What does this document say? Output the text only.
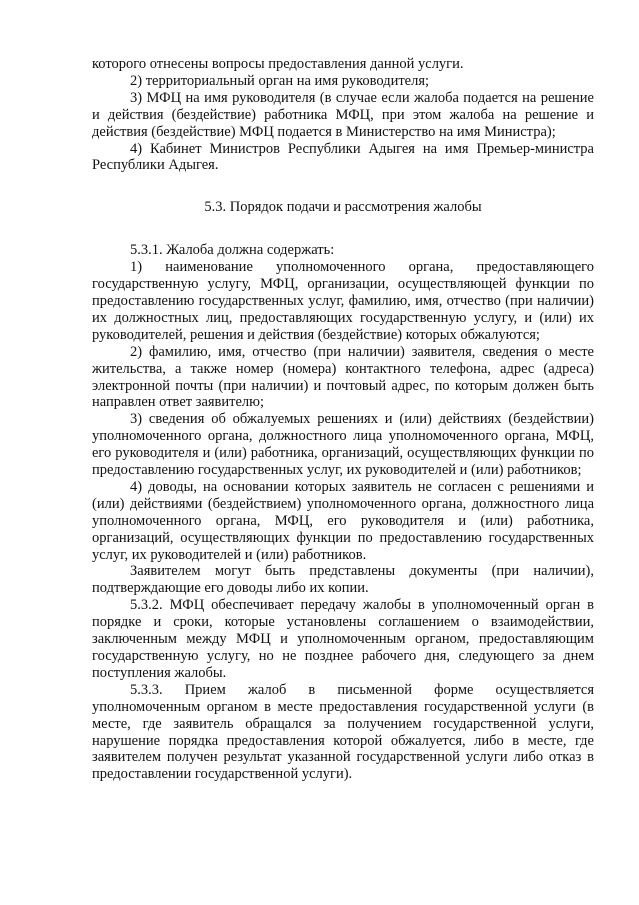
которого отнесены вопросы предоставления данной услуги.

2) территориальный орган на имя руководителя;

3) МФЦ на имя руководителя (в случае если жалоба подается на решение и действия (бездействие) работника МФЦ, при этом жалоба на решение и действия (бездействие) МФЦ подается в Министерство на имя Министра);

4) Кабинет Министров Республики Адыгея на имя Премьер-министра Республики Адыгея.

5.3. Порядок подачи и рассмотрения жалобы

5.3.1. Жалоба должна содержать:

1) наименование уполномоченного органа, предоставляющего государственную услугу, МФЦ, организации, осуществляющей функции по предоставлению государственных услуг, фамилию, имя, отчество (при наличии) их должностных лиц, предоставляющих государственную услугу, и (или) их руководителей, решения и действия (бездействие) которых обжалуются;

2) фамилию, имя, отчество (при наличии) заявителя, сведения о месте жительства, а также номер (номера) контактного телефона, адрес (адреса) электронной почты (при наличии) и почтовый адрес, по которым должен быть направлен ответ заявителю;

3) сведения об обжалуемых решениях и (или) действиях (бездействии) уполномоченного органа, должностного лица уполномоченного органа, МФЦ, его руководителя и (или) работника, организаций, осуществляющих функции по предоставлению государственных услуг, их руководителей и (или) работников;

4) доводы, на основании которых заявитель не согласен с решениями и (или) действиями (бездействием) уполномоченного органа, должностного лица уполномоченного органа, МФЦ, его руководителя и (или) работника, организаций, осуществляющих функции по предоставлению государственных услуг, их руководителей и (или) работников.

Заявителем могут быть представлены документы (при наличии), подтверждающие его доводы либо их копии.

5.3.2. МФЦ обеспечивает передачу жалобы в уполномоченный орган в порядке и сроки, которые установлены соглашением о взаимодействии, заключенным между МФЦ и уполномоченным органом, предоставляющим государственную услугу, но не позднее рабочего дня, следующего за днем поступления жалобы.

5.3.3. Прием жалоб в письменной форме осуществляется уполномоченным органом в месте предоставления государственной услуги (в месте, где заявитель обращался за получением государственной услуги, нарушение порядка предоставления которой обжалуется, либо в месте, где заявителем получен результат указанной государственной услуги либо отказ в предоставлении государственной услуги).
